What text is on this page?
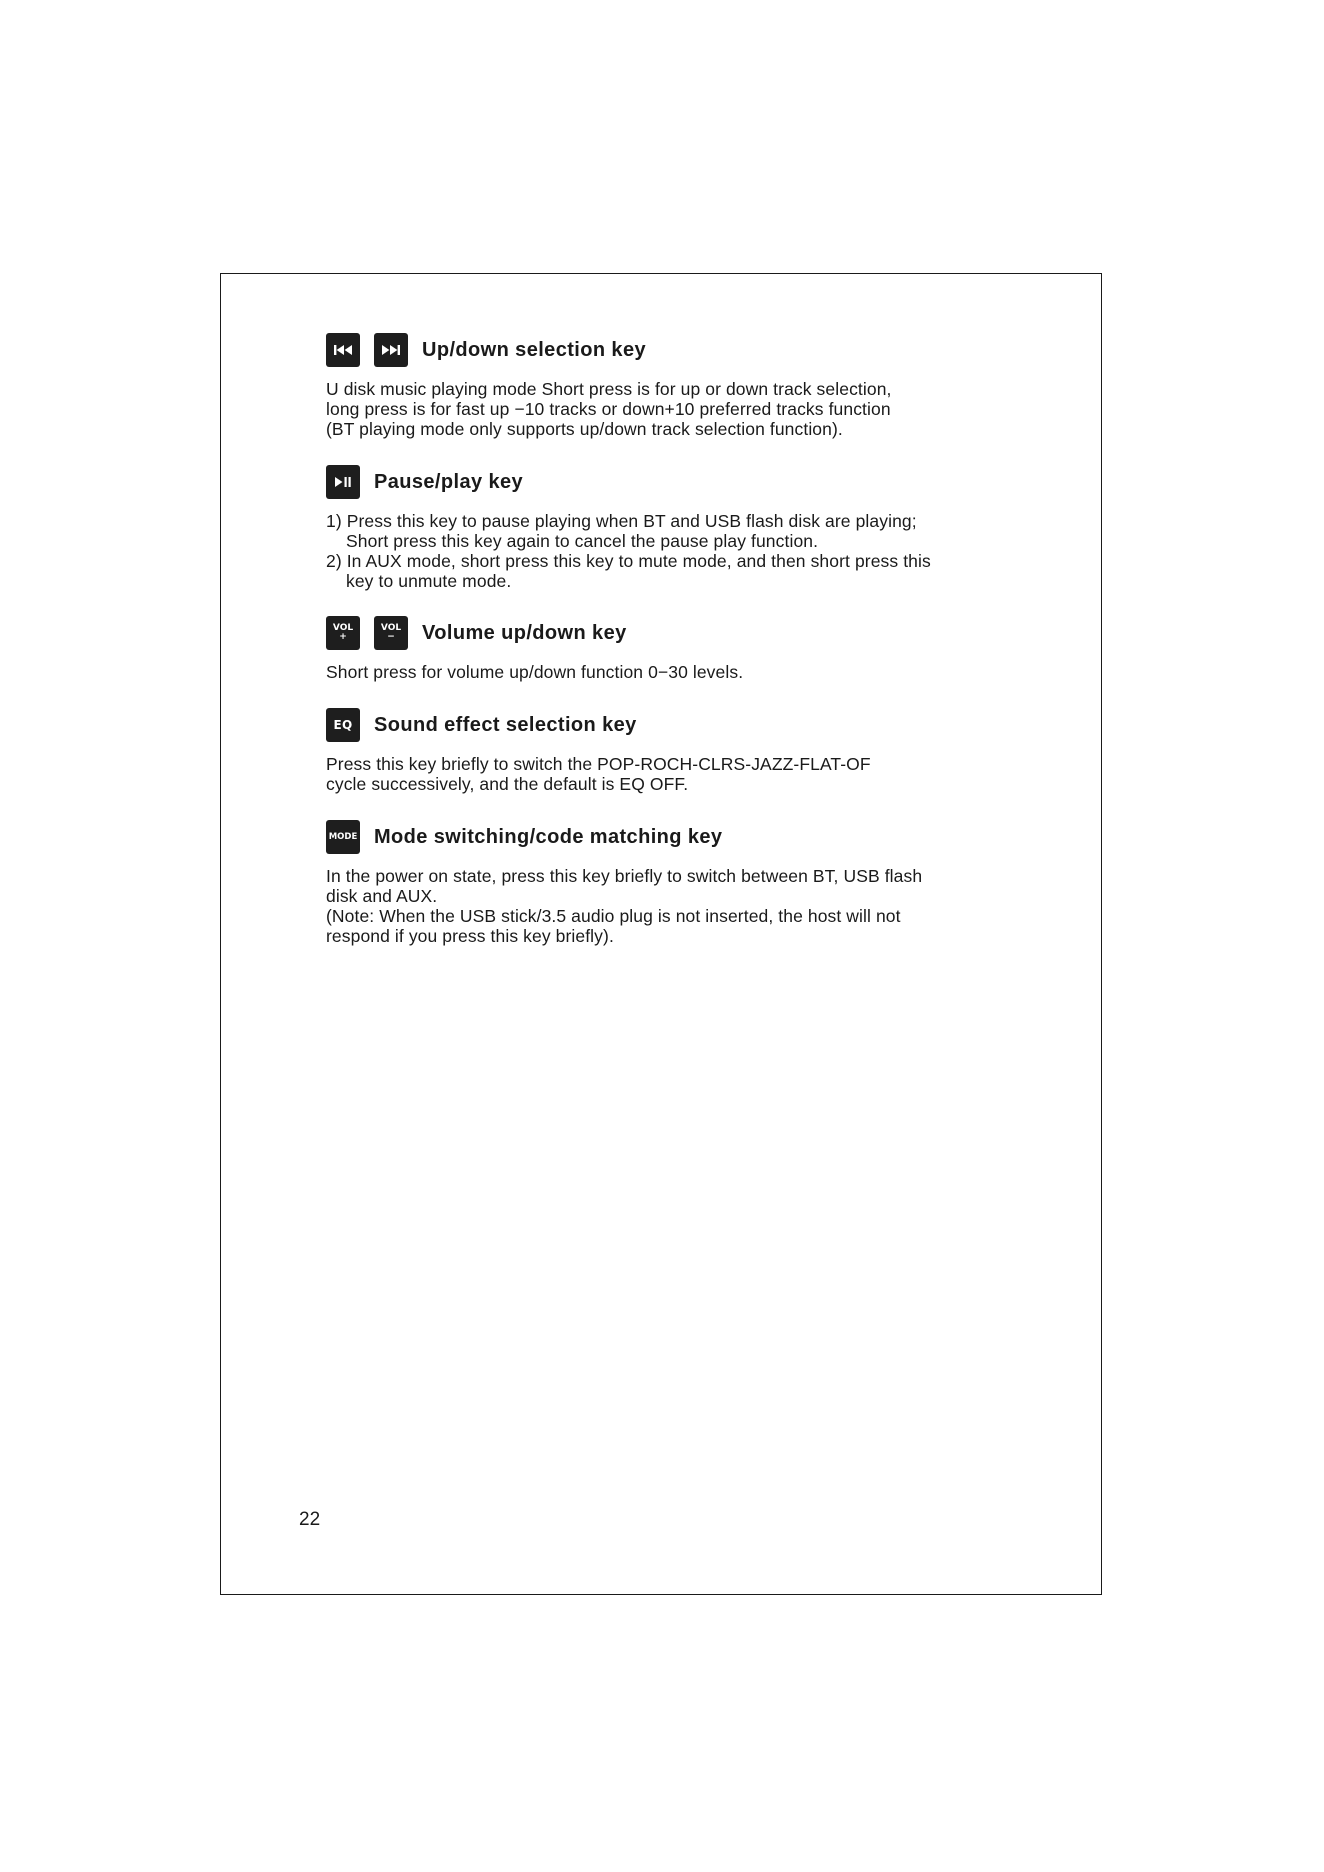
Up/down selection key

U disk music playing mode Short press is for up or down track selection,

long press is for fast up −10 tracks or down+10 preferred tracks function

(BT playing mode only supports up/down track selection function).

Pause/play key

1) Press this key to pause playing when BT and USB flash disk are playing;

Short press this key again to cancel the pause play function.

2) In AUX mode, short press this key to mute mode, and then short press this

key to unmute mode.

VOL
+
VOL
−	Volume up/down key

Short press for volume up/down function 0−30 levels.

EQ Sound effect selection key

Press this key briefly to switch the POP-ROCH-CLRS-JAZZ-FLAT-OF

cycle successively, and the default is EQ OFF.

MODE Mode switching/code matching key

In the power on state, press this key briefly to switch between BT, USB flash

disk and AUX.

(Note: When the USB stick/3.5 audio plug is not inserted, the host will not

respond if you press this key briefly).

22
